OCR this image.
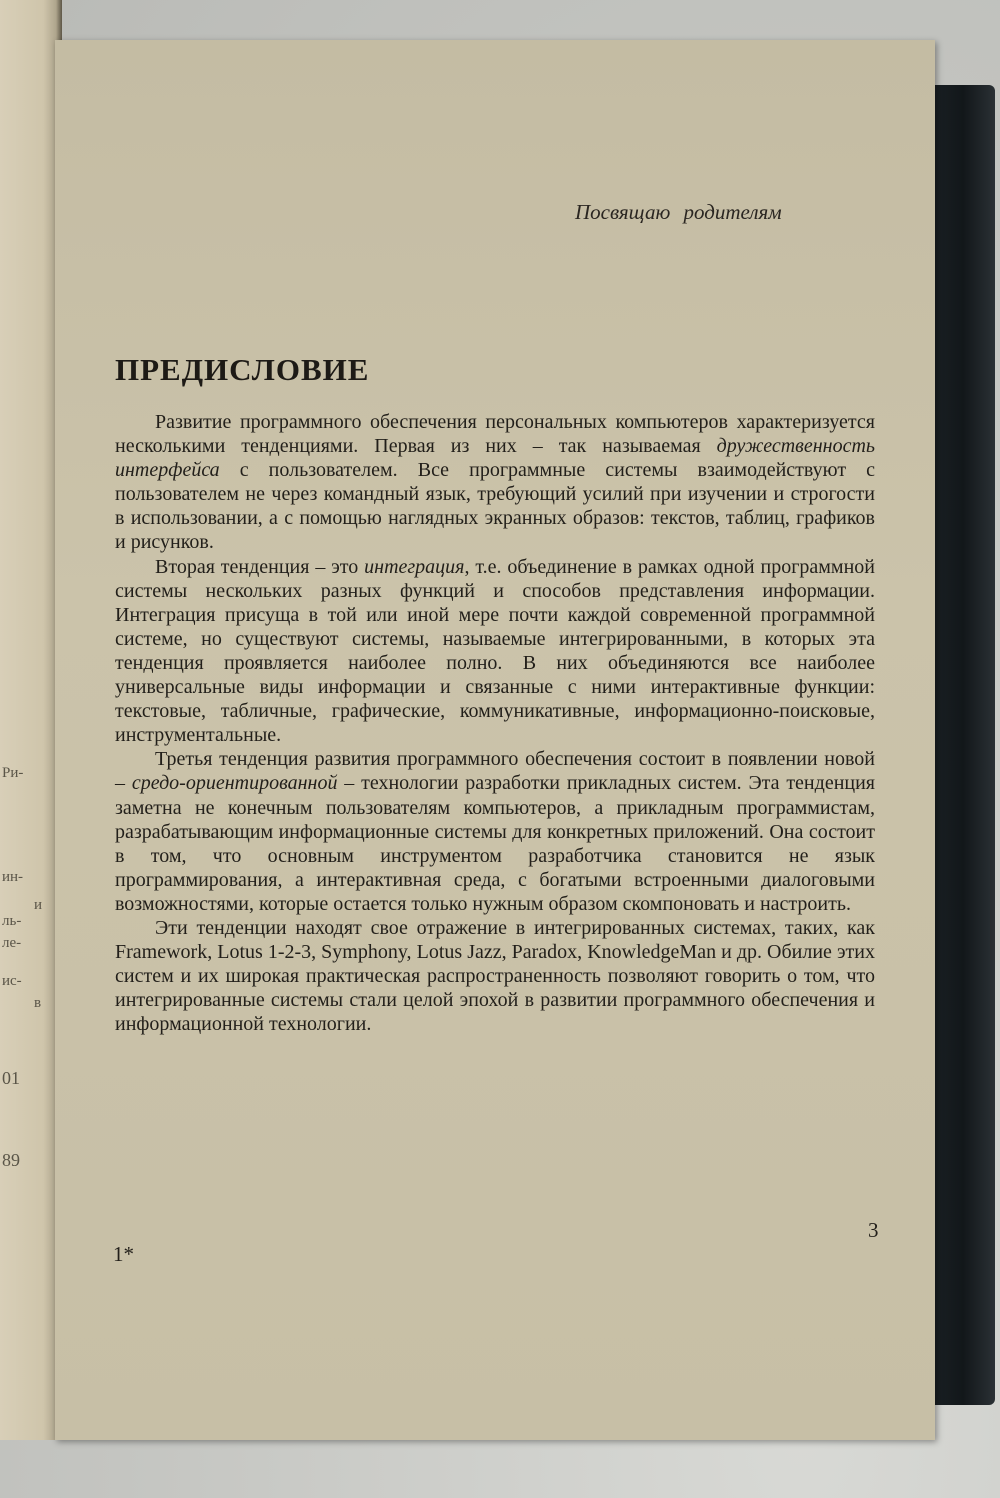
Ри-
ин-
и
ль-
ле-
ис-
в
01
89
Посвящаю родителям
ПРЕДИСЛОВИЕ

Развитие программного обеспечения персональных компьютеров характеризуется несколькими тенденциями. Первая из них – так называемая дружественность интерфейса с пользователем. Все программные системы взаимодействуют с пользователем не через командный язык, требующий усилий при изучении и строгости в использовании, а с помощью наглядных экранных образов: текстов, таблиц, графиков и рисунков.

Вторая тенденция – это интеграция, т.е. объединение в рамках одной программной системы нескольких разных функций и способов представления информации. Интеграция присуща в той или иной мере почти каждой современной программной системе, но существуют системы, называемые интегрированными, в которых эта тенденция проявляется наиболее полно. В них объединяются все наиболее универсальные виды информации и связанные с ними интерактивные функции: текстовые, табличные, графические, коммуникативные, информационно-поисковые, инструментальные.

Третья тенденция развития программного обеспечения состоит в появлении новой – средо-ориентированной – технологии разработки прикладных систем. Эта тенденция заметна не конечным пользователям компьютеров, а прикладным программистам, разрабатывающим информационные системы для конкретных приложений. Она состоит в том, что основным инструментом разработчика становится не язык программирования, а интерактивная среда, с богатыми встроенными диалоговыми возможностями, которые остается только нужным образом скомпоновать и настроить.

Эти тенденции находят свое отражение в интегрированных системах, таких, как Framework, Lotus 1-2-3, Symphony, Lotus Jazz, Paradox, KnowledgeMan и др. Обилие этих систем и их широкая практическая распространенность позволяют говорить о том, что интегрированные системы стали целой эпохой в развитии программного обеспечения и информационной технологии.

3
1*
